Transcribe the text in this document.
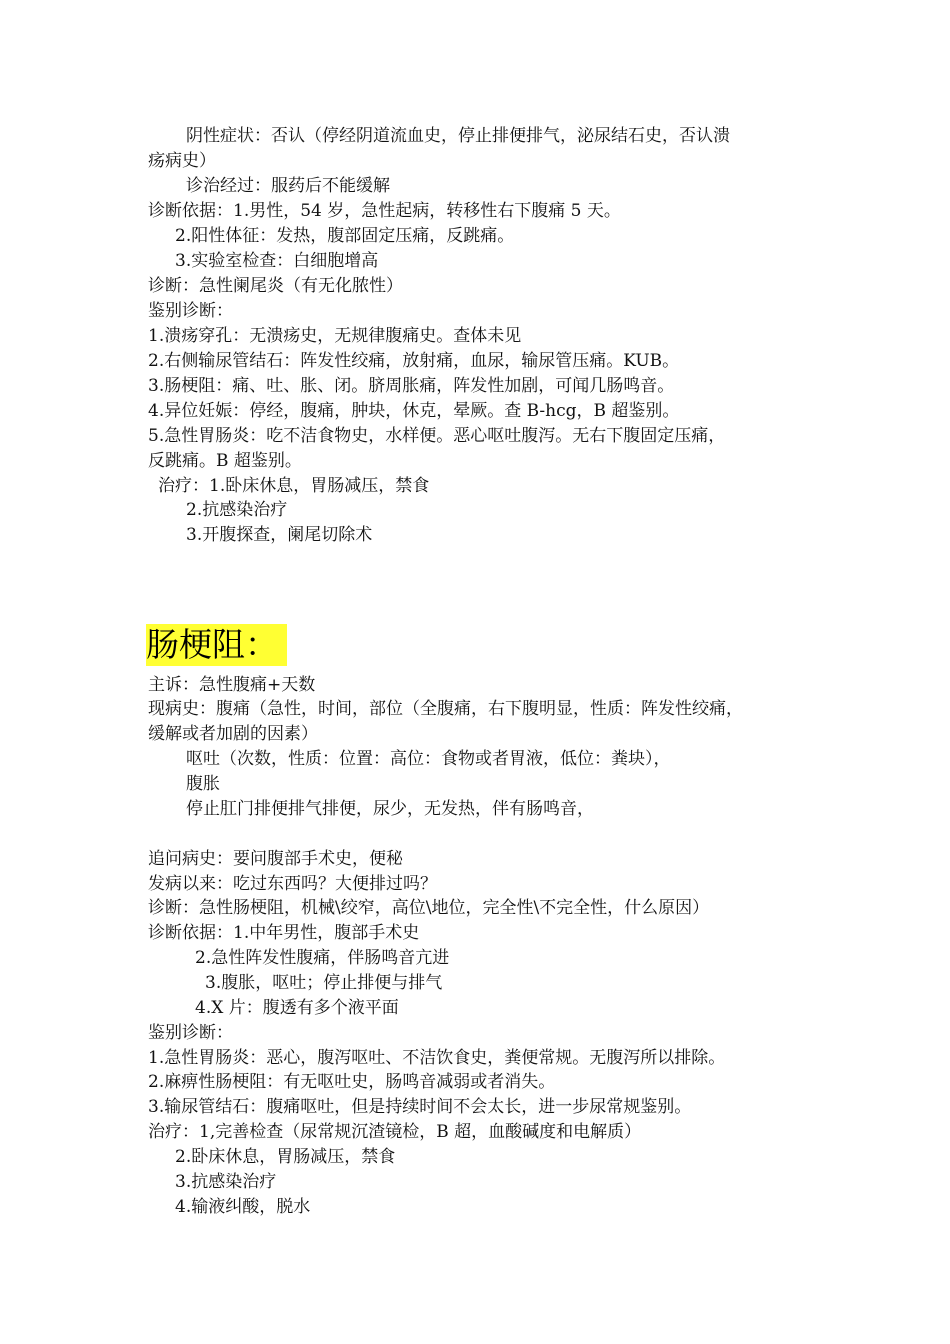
阴性症状：否认（停经阴道流血史，停止排便排气，泌尿结石史，否认溃
疡病史）
诊治经过：服药后不能缓解
诊断依据：1.男性，54 岁，急性起病，转移性右下腹痛 5 天。
2.阳性体征：发热，腹部固定压痛，反跳痛。
3.实验室检查：白细胞增高
诊断：急性阑尾炎（有无化脓性）
鉴别诊断：
1.溃疡穿孔：无溃疡史，无规律腹痛史。查体未见
2.右侧输尿管结石：阵发性绞痛，放射痛，血尿，输尿管压痛。KUB。
3.肠梗阻：痛、吐、胀、闭。脐周胀痛，阵发性加剧，可闻几肠鸣音。
4.异位妊娠：停经，腹痛，肿块，休克，晕厥。查 B-hcg，B 超鉴别。
5.急性胃肠炎：吃不洁食物史，水样便。恶心呕吐腹泻。无右下腹固定压痛，
反跳痛。B 超鉴别。
治疗：1.卧床休息，胃肠减压，禁食
2.抗感染治疗
3.开腹探查，阑尾切除术
肠梗阻：
主诉：急性腹痛+天数
现病史：腹痛（急性，时间，部位（全腹痛，右下腹明显，性质：阵发性绞痛，
缓解或者加剧的因素）
呕吐（次数，性质：位置：高位：食物或者胃液，低位：粪块），
腹胀
停止肛门排便排气排便，尿少，无发热，伴有肠鸣音，
追问病史：要问腹部手术史，便秘
发病以来：吃过东西吗？大便排过吗？
诊断：急性肠梗阻，机械\绞窄，高位\地位，完全性\不完全性，什么原因）
诊断依据：1.中年男性，腹部手术史
2.急性阵发性腹痛，伴肠鸣音亢进
3.腹胀，呕吐；停止排便与排气
4.X 片：腹透有多个液平面
鉴别诊断：
1.急性胃肠炎：恶心，腹泻呕吐、不洁饮食史，粪便常规。无腹泻所以排除。
2.麻痹性肠梗阻：有无呕吐史，肠鸣音减弱或者消失。
3.输尿管结石：腹痛呕吐，但是持续时间不会太长，进一步尿常规鉴别。
治疗：1,完善检查（尿常规沉渣镜检，B 超，血酸碱度和电解质）
2.卧床休息，胃肠减压，禁食
3.抗感染治疗
4.输液纠酸，脱水
